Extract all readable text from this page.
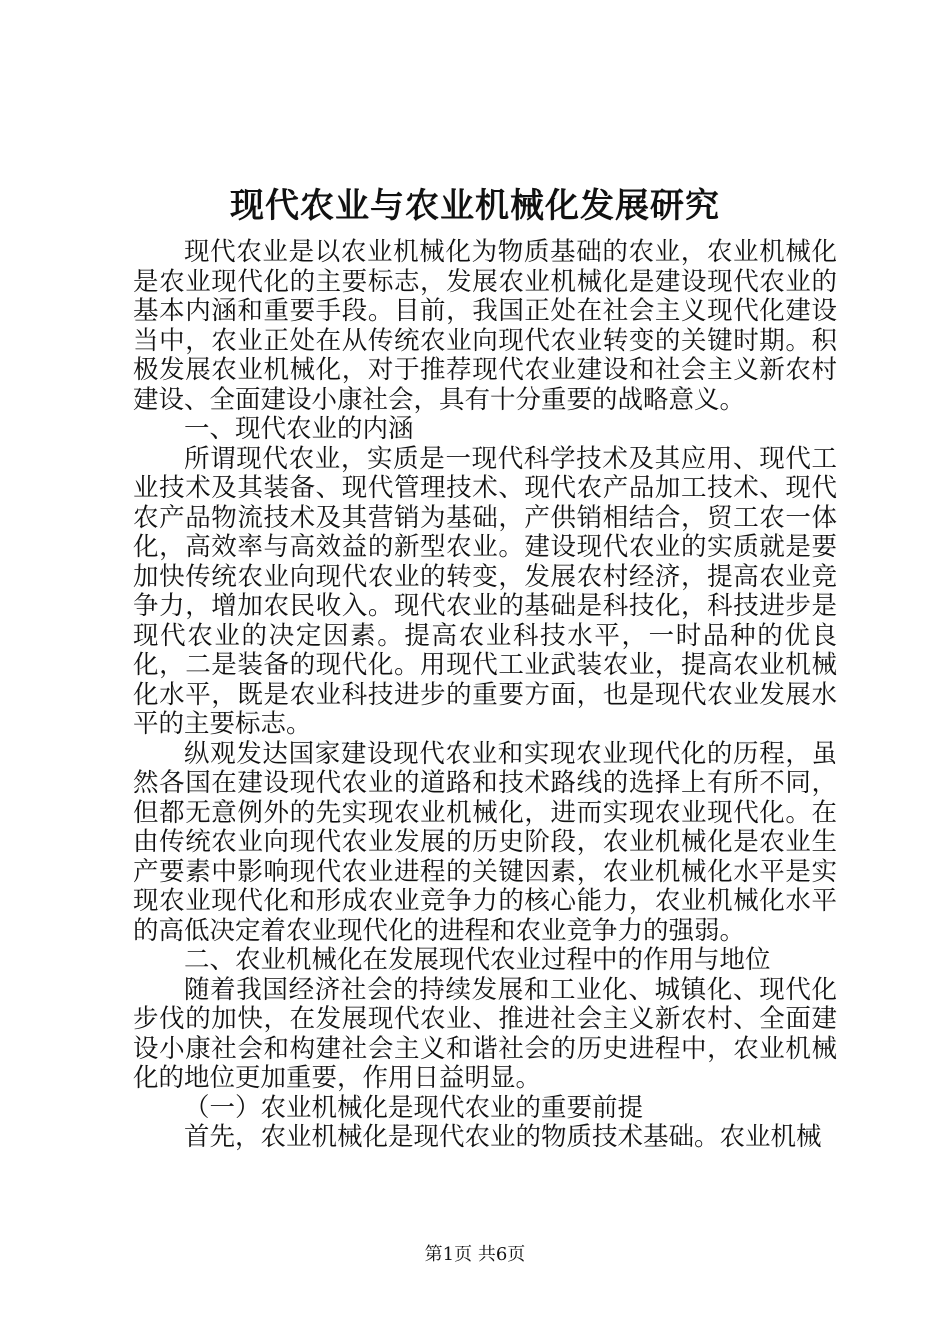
现代农业与农业机械化发展研究

现代农业是以农业机械化为物质基础的农业，农业机械化是农业现代化的主要标志，发展农业机械化是建设现代农业的基本内涵和重要手段。目前，我国正处在社会主义现代化建设当中，农业正处在从传统农业向现代农业转变的关键时期。积极发展农业机械化，对于推荐现代农业建设和社会主义新农村建设、全面建设小康社会，具有十分重要的战略意义。

一、现代农业的内涵

所谓现代农业，实质是一现代科学技术及其应用、现代工业技术及其装备、现代管理技术、现代农产品加工技术、现代农产品物流技术及其营销为基础，产供销相结合，贸工农一体化，高效率与高效益的新型农业。建设现代农业的实质就是要加快传统农业向现代农业的转变，发展农村经济，提高农业竞争力，增加农民收入。现代农业的基础是科技化，科技进步是现代农业的决定因素。提高农业科技水平，一时品种的优良化，二是装备的现代化。用现代工业武装农业，提高农业机械化水平，既是农业科技进步的重要方面，也是现代农业发展水平的主要标志。

纵观发达国家建设现代农业和实现农业现代化的历程，虽然各国在建设现代农业的道路和技术路线的选择上有所不同，但都无意例外的先实现农业机械化，进而实现农业现代化。在由传统农业向现代农业发展的历史阶段，农业机械化是农业生产要素中影响现代农业进程的关键因素，农业机械化水平是实现农业现代化和形成农业竞争力的核心能力，农业机械化水平的高低决定着农业现代化的进程和农业竞争力的强弱。

二、农业机械化在发展现代农业过程中的作用与地位

随着我国经济社会的持续发展和工业化、城镇化、现代化步伐的加快，在发展现代农业、推进社会主义新农村、全面建设小康社会和构建社会主义和谐社会的历史进程中，农业机械化的地位更加重要，作用日益明显。

（一）农业机械化是现代农业的重要前提

首先，农业机械化是现代农业的物质技术基础。农业机械

第1页 共6页
